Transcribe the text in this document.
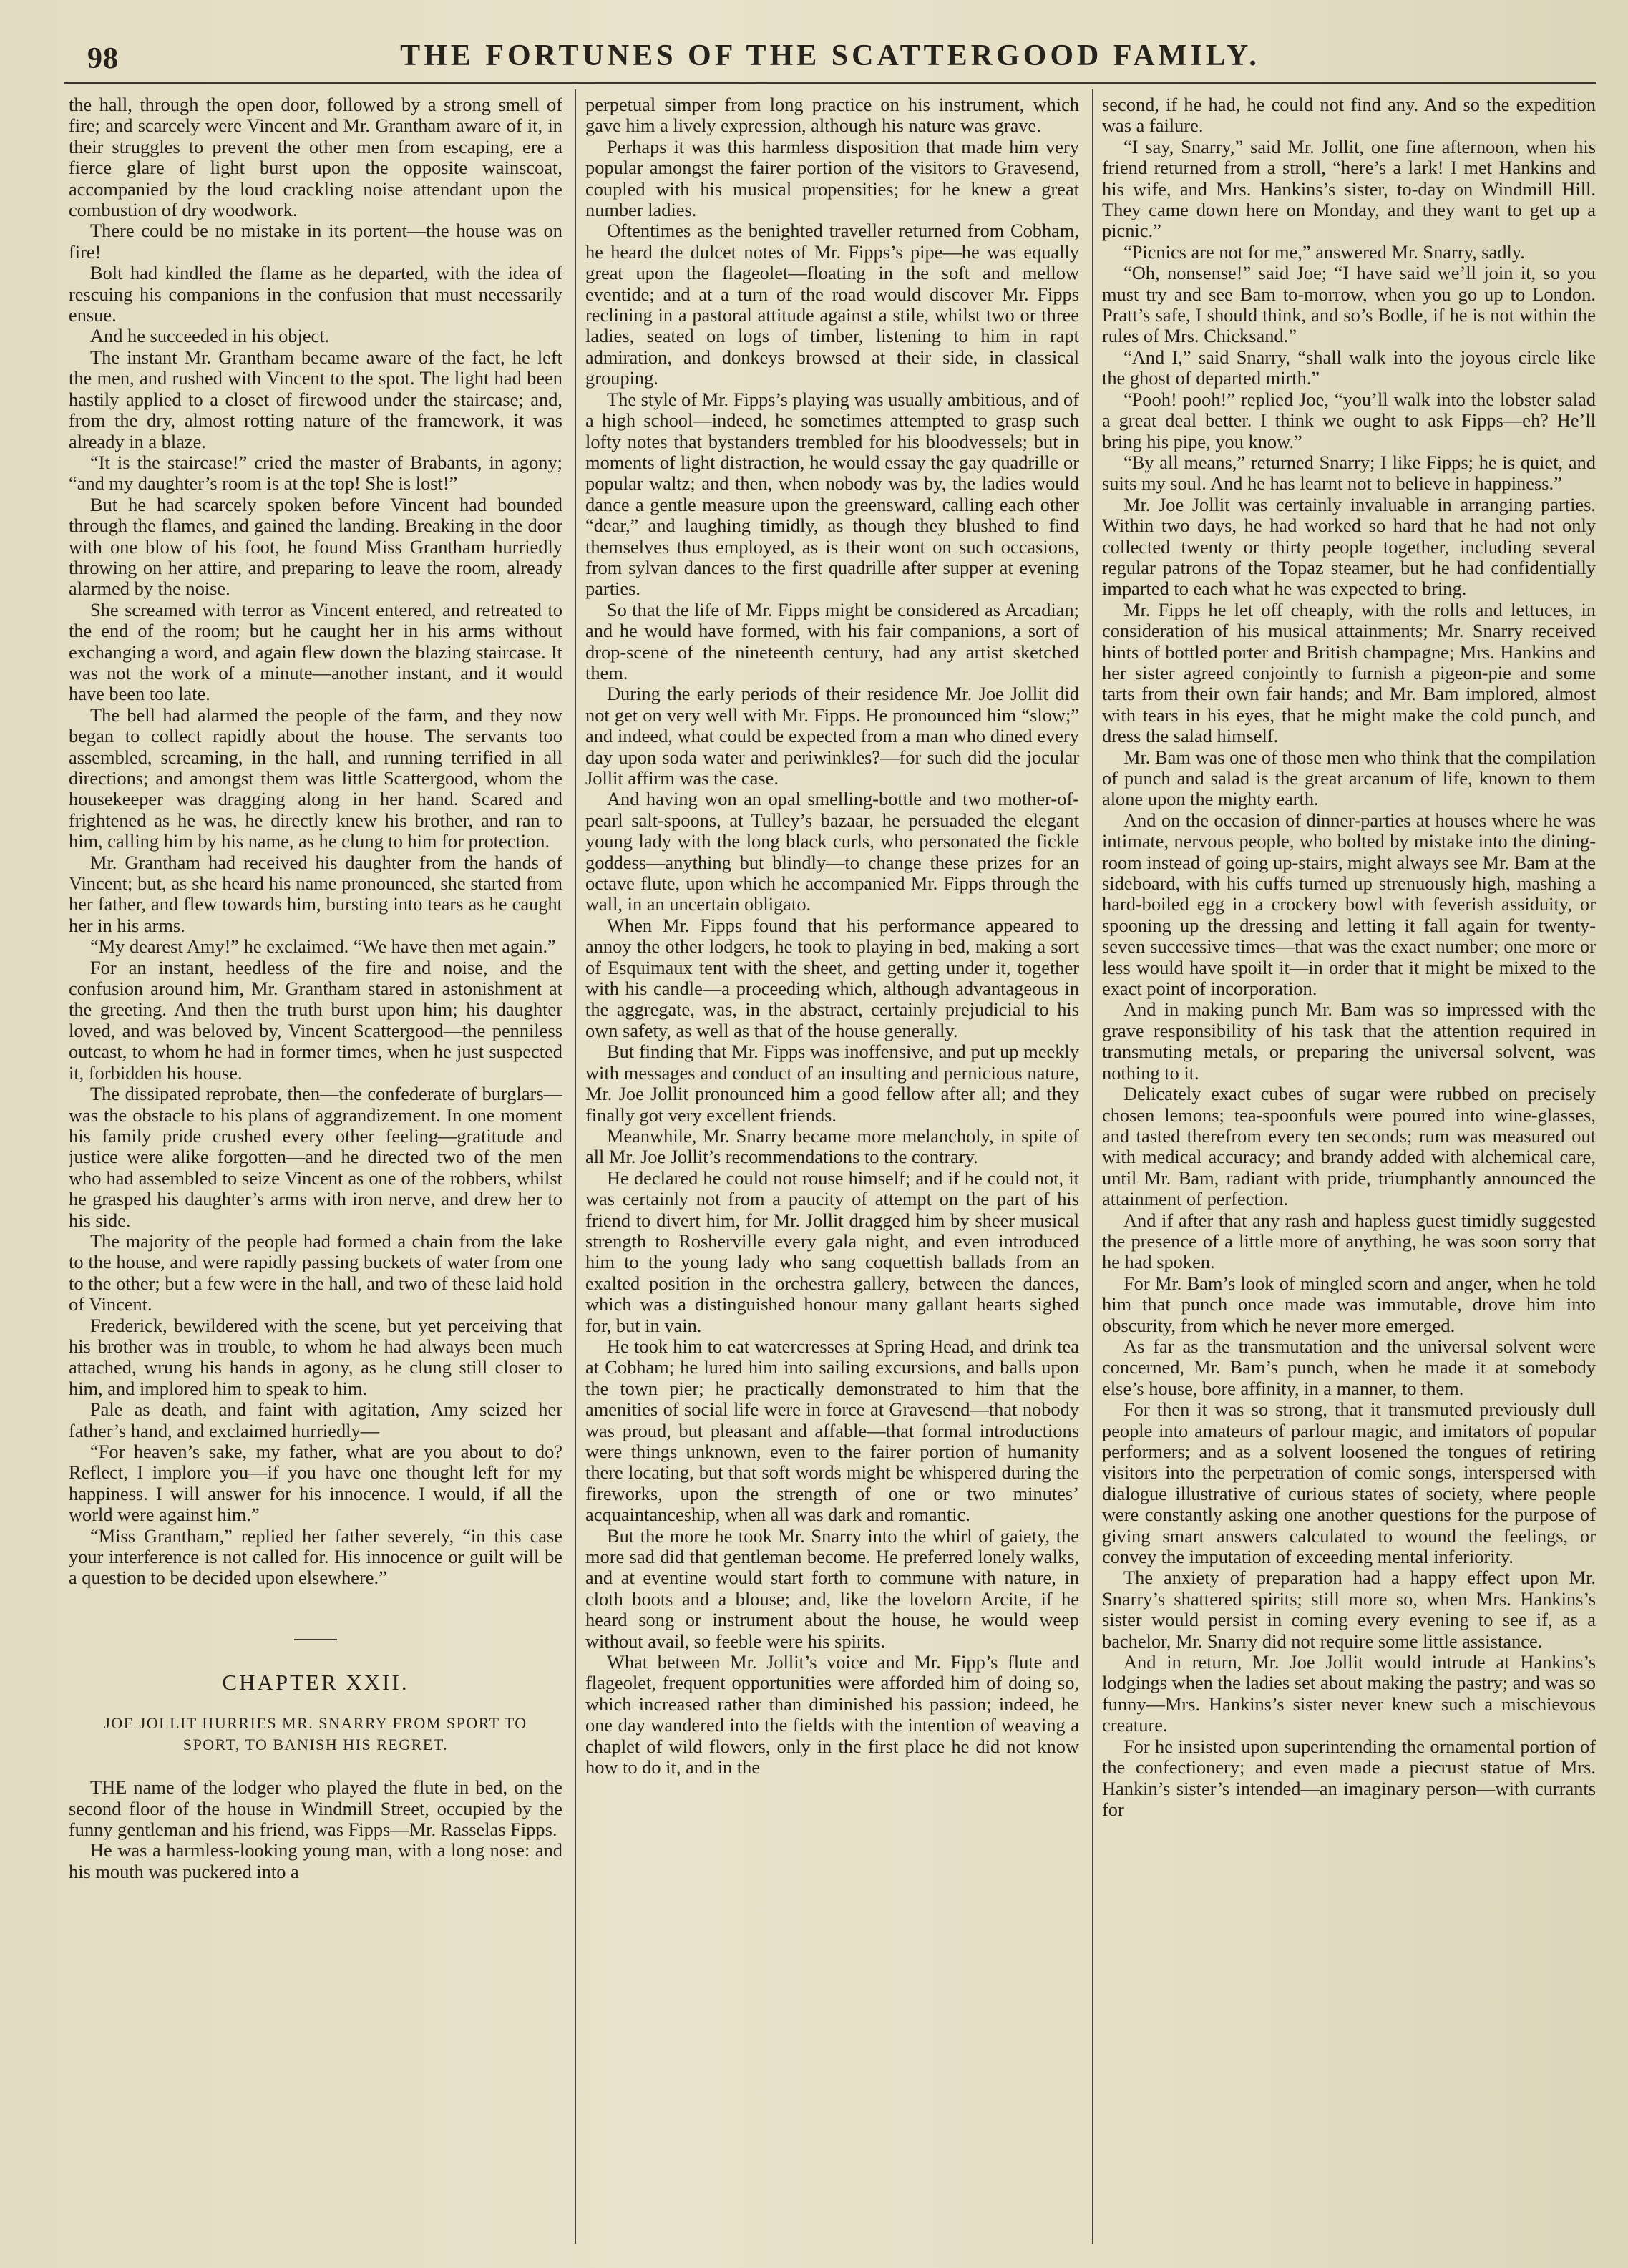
98	THE FORTUNES OF THE SCATTERGOOD FAMILY.

the hall, through the open door, followed by a strong smell of fire; and scarcely were Vincent and Mr. Grantham aware of it, in their struggles to prevent the other men from escaping, ere a fierce glare of light burst upon the opposite wainscoat, accompanied by the loud crackling noise attendant upon the combustion of dry woodwork.

There could be no mistake in its portent—the house was on fire!

Bolt had kindled the flame as he departed, with the idea of rescuing his companions in the confusion that must necessarily ensue.

And he succeeded in his object.

The instant Mr. Grantham became aware of the fact, he left the men, and rushed with Vincent to the spot. The light had been hastily applied to a closet of firewood under the staircase; and, from the dry, almost rotting nature of the framework, it was already in a blaze.

“It is the staircase!” cried the master of Brabants, in agony; “and my daughter’s room is at the top! She is lost!”

But he had scarcely spoken before Vincent had bounded through the flames, and gained the landing. Breaking in the door with one blow of his foot, he found Miss Grantham hurriedly throwing on her attire, and preparing to leave the room, already alarmed by the noise.

She screamed with terror as Vincent entered, and retreated to the end of the room; but he caught her in his arms without exchanging a word, and again flew down the blazing staircase. It was not the work of a minute—another instant, and it would have been too late.

The bell had alarmed the people of the farm, and they now began to collect rapidly about the house. The servants too assembled, screaming, in the hall, and running terrified in all directions; and amongst them was little Scattergood, whom the housekeeper was dragging along in her hand. Scared and frightened as he was, he directly knew his brother, and ran to him, calling him by his name, as he clung to him for protection.

Mr. Grantham had received his daughter from the hands of Vincent; but, as she heard his name pronounced, she started from her father, and flew towards him, bursting into tears as he caught her in his arms.

“My dearest Amy!” he exclaimed. “We have then met again.”

For an instant, heedless of the fire and noise, and the confusion around him, Mr. Grantham stared in astonishment at the greeting. And then the truth burst upon him; his daughter loved, and was beloved by, Vincent Scattergood—the penniless outcast, to whom he had in former times, when he just suspected it, forbidden his house.

The dissipated reprobate, then—the confederate of burglars—was the obstacle to his plans of aggrandizement. In one moment his family pride crushed every other feeling—gratitude and justice were alike forgotten—and he directed two of the men who had assembled to seize Vincent as one of the robbers, whilst he grasped his daughter’s arms with iron nerve, and drew her to his side.

The majority of the people had formed a chain from the lake to the house, and were rapidly passing buckets of water from one to the other; but a few were in the hall, and two of these laid hold of Vincent.

Frederick, bewildered with the scene, but yet perceiving that his brother was in trouble, to whom he had always been much attached, wrung his hands in agony, as he clung still closer to him, and implored him to speak to him.

Pale as death, and faint with agitation, Amy seized her father’s hand, and exclaimed hurriedly—

“For heaven’s sake, my father, what are you about to do? Reflect, I implore you—if you have one thought left for my happiness. I will answer for his innocence. I would, if all the world were against him.”

“Miss Grantham,” replied her father severely, “in this case your interference is not called for. His innocence or guilt will be a question to be decided upon elsewhere.”

CHAPTER XXII.
JOE JOLLIT HURRIES MR. SNARRY FROM SPORT TO SPORT, TO BANISH HIS REGRET.

THE name of the lodger who played the flute in bed, on the second floor of the house in Windmill Street, occupied by the funny gentleman and his friend, was Fipps—Mr. Rasselas Fipps.

He was a harmless-looking young man, with a long nose: and his mouth was puckered into a

perpetual simper from long practice on his instrument, which gave him a lively expression, although his nature was grave.

Perhaps it was this harmless disposition that made him very popular amongst the fairer portion of the visitors to Gravesend, coupled with his musical propensities; for he knew a great number ladies.

Oftentimes as the benighted traveller returned from Cobham, he heard the dulcet notes of Mr. Fipps’s pipe—he was equally great upon the flageolet—floating in the soft and mellow eventide; and at a turn of the road would discover Mr. Fipps reclining in a pastoral attitude against a stile, whilst two or three ladies, seated on logs of timber, listening to him in rapt admiration, and donkeys browsed at their side, in classical grouping.

The style of Mr. Fipps’s playing was usually ambitious, and of a high school—indeed, he sometimes attempted to grasp such lofty notes that bystanders trembled for his bloodvessels; but in moments of light distraction, he would essay the gay quadrille or popular waltz; and then, when nobody was by, the ladies would dance a gentle measure upon the greensward, calling each other “dear,” and laughing timidly, as though they blushed to find themselves thus employed, as is their wont on such occasions, from sylvan dances to the first quadrille after supper at evening parties.

So that the life of Mr. Fipps might be considered as Arcadian; and he would have formed, with his fair companions, a sort of drop-scene of the nineteenth century, had any artist sketched them.

During the early periods of their residence Mr. Joe Jollit did not get on very well with Mr. Fipps. He pronounced him “slow;” and indeed, what could be expected from a man who dined every day upon soda water and periwinkles?—for such did the jocular Jollit affirm was the case.

And having won an opal smelling-bottle and two mother-of-pearl salt-spoons, at Tulley’s bazaar, he persuaded the elegant young lady with the long black curls, who personated the fickle goddess—anything but blindly—to change these prizes for an octave flute, upon which he accompanied Mr. Fipps through the wall, in an uncertain obligato.

When Mr. Fipps found that his performance appeared to annoy the other lodgers, he took to playing in bed, making a sort of Esquimaux tent with the sheet, and getting under it, together with his candle—a proceeding which, although advantageous in the aggregate, was, in the abstract, certainly prejudicial to his own safety, as well as that of the house generally.

But finding that Mr. Fipps was inoffensive, and put up meekly with messages and conduct of an insulting and pernicious nature, Mr. Joe Jollit pronounced him a good fellow after all; and they finally got very excellent friends.

Meanwhile, Mr. Snarry became more melancholy, in spite of all Mr. Joe Jollit’s recommendations to the contrary.

He declared he could not rouse himself; and if he could not, it was certainly not from a paucity of attempt on the part of his friend to divert him, for Mr. Jollit dragged him by sheer musical strength to Rosherville every gala night, and even introduced him to the young lady who sang coquettish ballads from an exalted position in the orchestra gallery, between the dances, which was a distinguished honour many gallant hearts sighed for, but in vain.

He took him to eat watercresses at Spring Head, and drink tea at Cobham; he lured him into sailing excursions, and balls upon the town pier; he practically demonstrated to him that the amenities of social life were in force at Gravesend—that nobody was proud, but pleasant and affable—that formal introductions were things unknown, even to the fairer portion of humanity there locating, but that soft words might be whispered during the fireworks, upon the strength of one or two minutes’ acquaintanceship, when all was dark and romantic.

But the more he took Mr. Snarry into the whirl of gaiety, the more sad did that gentleman become. He preferred lonely walks, and at eventine would start forth to commune with nature, in cloth boots and a blouse; and, like the lovelorn Arcite, if he heard song or instrument about the house, he would weep without avail, so feeble were his spirits.

What between Mr. Jollit’s voice and Mr. Fipp’s flute and flageolet, frequent opportunities were afforded him of doing so, which increased rather than diminished his passion; indeed, he one day wandered into the fields with the intention of weaving a chaplet of wild flowers, only in the first place he did not know how to do it, and in the

second, if he had, he could not find any. And so the expedition was a failure.

“I say, Snarry,” said Mr. Jollit, one fine afternoon, when his friend returned from a stroll, “here’s a lark! I met Hankins and his wife, and Mrs. Hankins’s sister, to-day on Windmill Hill. They came down here on Monday, and they want to get up a picnic.”

“Picnics are not for me,” answered Mr. Snarry, sadly.

“Oh, nonsense!” said Joe; “I have said we’ll join it, so you must try and see Bam to-morrow, when you go up to London. Pratt’s safe, I should think, and so’s Bodle, if he is not within the rules of Mrs. Chicksand.”

“And I,” said Snarry, “shall walk into the joyous circle like the ghost of departed mirth.”

“Pooh! pooh!” replied Joe, “you’ll walk into the lobster salad a great deal better. I think we ought to ask Fipps—eh? He’ll bring his pipe, you know.”

“By all means,” returned Snarry; I like Fipps; he is quiet, and suits my soul. And he has learnt not to believe in happiness.”

Mr. Joe Jollit was certainly invaluable in arranging parties. Within two days, he had worked so hard that he had not only collected twenty or thirty people together, including several regular patrons of the Topaz steamer, but he had confidentially imparted to each what he was expected to bring.

Mr. Fipps he let off cheaply, with the rolls and lettuces, in consideration of his musical attainments; Mr. Snarry received hints of bottled porter and British champagne; Mrs. Hankins and her sister agreed conjointly to furnish a pigeon-pie and some tarts from their own fair hands; and Mr. Bam implored, almost with tears in his eyes, that he might make the cold punch, and dress the salad himself.

Mr. Bam was one of those men who think that the compilation of punch and salad is the great arcanum of life, known to them alone upon the mighty earth.

And on the occasion of dinner-parties at houses where he was intimate, nervous people, who bolted by mistake into the dining-room instead of going up-stairs, might always see Mr. Bam at the sideboard, with his cuffs turned up strenuously high, mashing a hard-boiled egg in a crockery bowl with feverish assiduity, or spooning up the dressing and letting it fall again for twenty-seven successive times—that was the exact number; one more or less would have spoilt it—in order that it might be mixed to the exact point of incorporation.

And in making punch Mr. Bam was so impressed with the grave responsibility of his task that the attention required in transmuting metals, or preparing the universal solvent, was nothing to it.

Delicately exact cubes of sugar were rubbed on precisely chosen lemons; tea-spoonfuls were poured into wine-glasses, and tasted therefrom every ten seconds; rum was measured out with medical accuracy; and brandy added with alchemical care, until Mr. Bam, radiant with pride, triumphantly announced the attainment of perfection.

And if after that any rash and hapless guest timidly suggested the presence of a little more of anything, he was soon sorry that he had spoken.

For Mr. Bam’s look of mingled scorn and anger, when he told him that punch once made was immutable, drove him into obscurity, from which he never more emerged.

As far as the transmutation and the universal solvent were concerned, Mr. Bam’s punch, when he made it at somebody else’s house, bore affinity, in a manner, to them.

For then it was so strong, that it transmuted previously dull people into amateurs of parlour magic, and imitators of popular performers; and as a solvent loosened the tongues of retiring visitors into the perpetration of comic songs, interspersed with dialogue illustrative of curious states of society, where people were constantly asking one another questions for the purpose of giving smart answers calculated to wound the feelings, or convey the imputation of exceeding mental inferiority.

The anxiety of preparation had a happy effect upon Mr. Snarry’s shattered spirits; still more so, when Mrs. Hankins’s sister would persist in coming every evening to see if, as a bachelor, Mr. Snarry did not require some little assistance.

And in return, Mr. Joe Jollit would intrude at Hankins’s lodgings when the ladies set about making the pastry; and was so funny—Mrs. Hankins’s sister never knew such a mischievous creature.

For he insisted upon superintending the ornamental portion of the confectionery; and even made a piecrust statue of Mrs. Hankin’s sister’s intended—an imaginary person—with currants for
